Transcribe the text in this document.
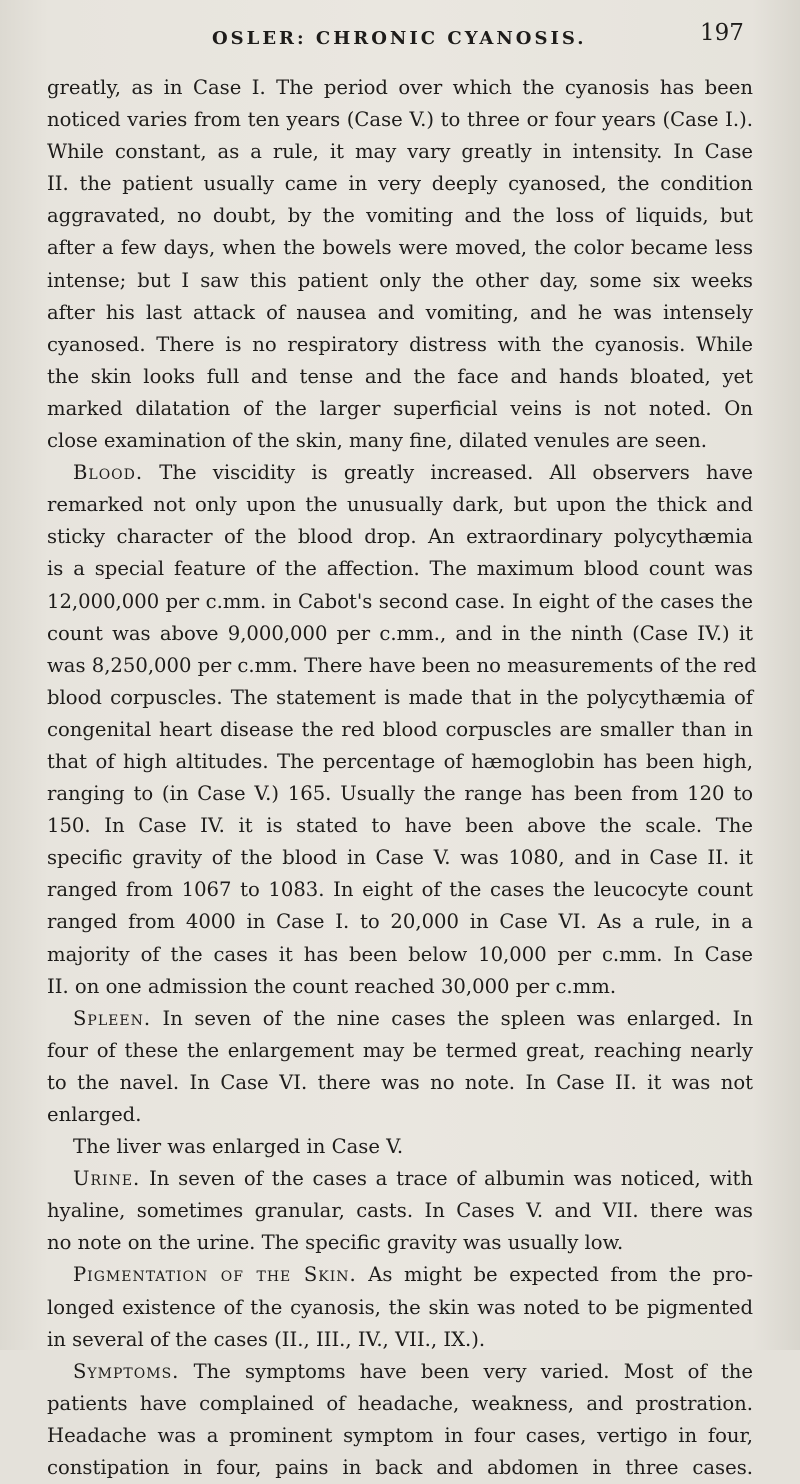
OSLER: CHRONIC CYANOSIS.	197
greatly, as in Case I. The period over which the cyanosis has been
noticed varies from ten years (Case V.) to three or four years (Case I.).
While constant, as a rule, it may vary greatly in intensity. In Case
II. the patient usually came in very deeply cyanosed, the condition
aggravated, no doubt, by the vomiting and the loss of liquids, but
after a few days, when the bowels were moved, the color became less
intense; but I saw this patient only the other day, some six weeks
after his last attack of nausea and vomiting, and he was intensely
cyanosed. There is no respiratory distress with the cyanosis. While
the skin looks full and tense and the face and hands bloated, yet
marked dilatation of the larger superficial veins is not noted. On
close examination of the skin, many fine, dilated venules are seen.
Blood. The viscidity is greatly increased. All observers have
remarked not only upon the unusually dark, but upon the thick and
sticky character of the blood drop. An extraordinary polycythæmia
is a special feature of the affection. The maximum blood count was
12,000,000 per c.mm. in Cabot's second case. In eight of the cases the
count was above 9,000,000 per c.mm., and in the ninth (Case IV.) it
was 8,250,000 per c.mm. There have been no measurements of the red
blood corpuscles. The statement is made that in the polycythæmia of
congenital heart disease the red blood corpuscles are smaller than in
that of high altitudes. The percentage of hæmoglobin has been high,
ranging to (in Case V.) 165. Usually the range has been from 120 to
150. In Case IV. it is stated to have been above the scale. The
specific gravity of the blood in Case V. was 1080, and in Case II. it
ranged from 1067 to 1083. In eight of the cases the leucocyte count
ranged from 4000 in Case I. to 20,000 in Case VI. As a rule, in a
majority of the cases it has been below 10,000 per c.mm. In Case
II. on one admission the count reached 30,000 per c.mm.
Spleen. In seven of the nine cases the spleen was enlarged. In
four of these the enlargement may be termed great, reaching nearly
to the navel. In Case VI. there was no note. In Case II. it was not
enlarged.
The liver was enlarged in Case V.
Urine. In seven of the cases a trace of albumin was noticed, with
hyaline, sometimes granular, casts. In Cases V. and VII. there was
no note on the urine. The specific gravity was usually low.
Pigmentation of the Skin. As might be expected from the pro-
longed existence of the cyanosis, the skin was noted to be pigmented
in several of the cases (II., III., IV., VII., IX.).
Symptoms. The symptoms have been very varied. Most of the
patients have complained of headache, weakness, and prostration.
Headache was a prominent symptom in four cases, vertigo in four,
constipation in four, pains in back and abdomen in three cases.
